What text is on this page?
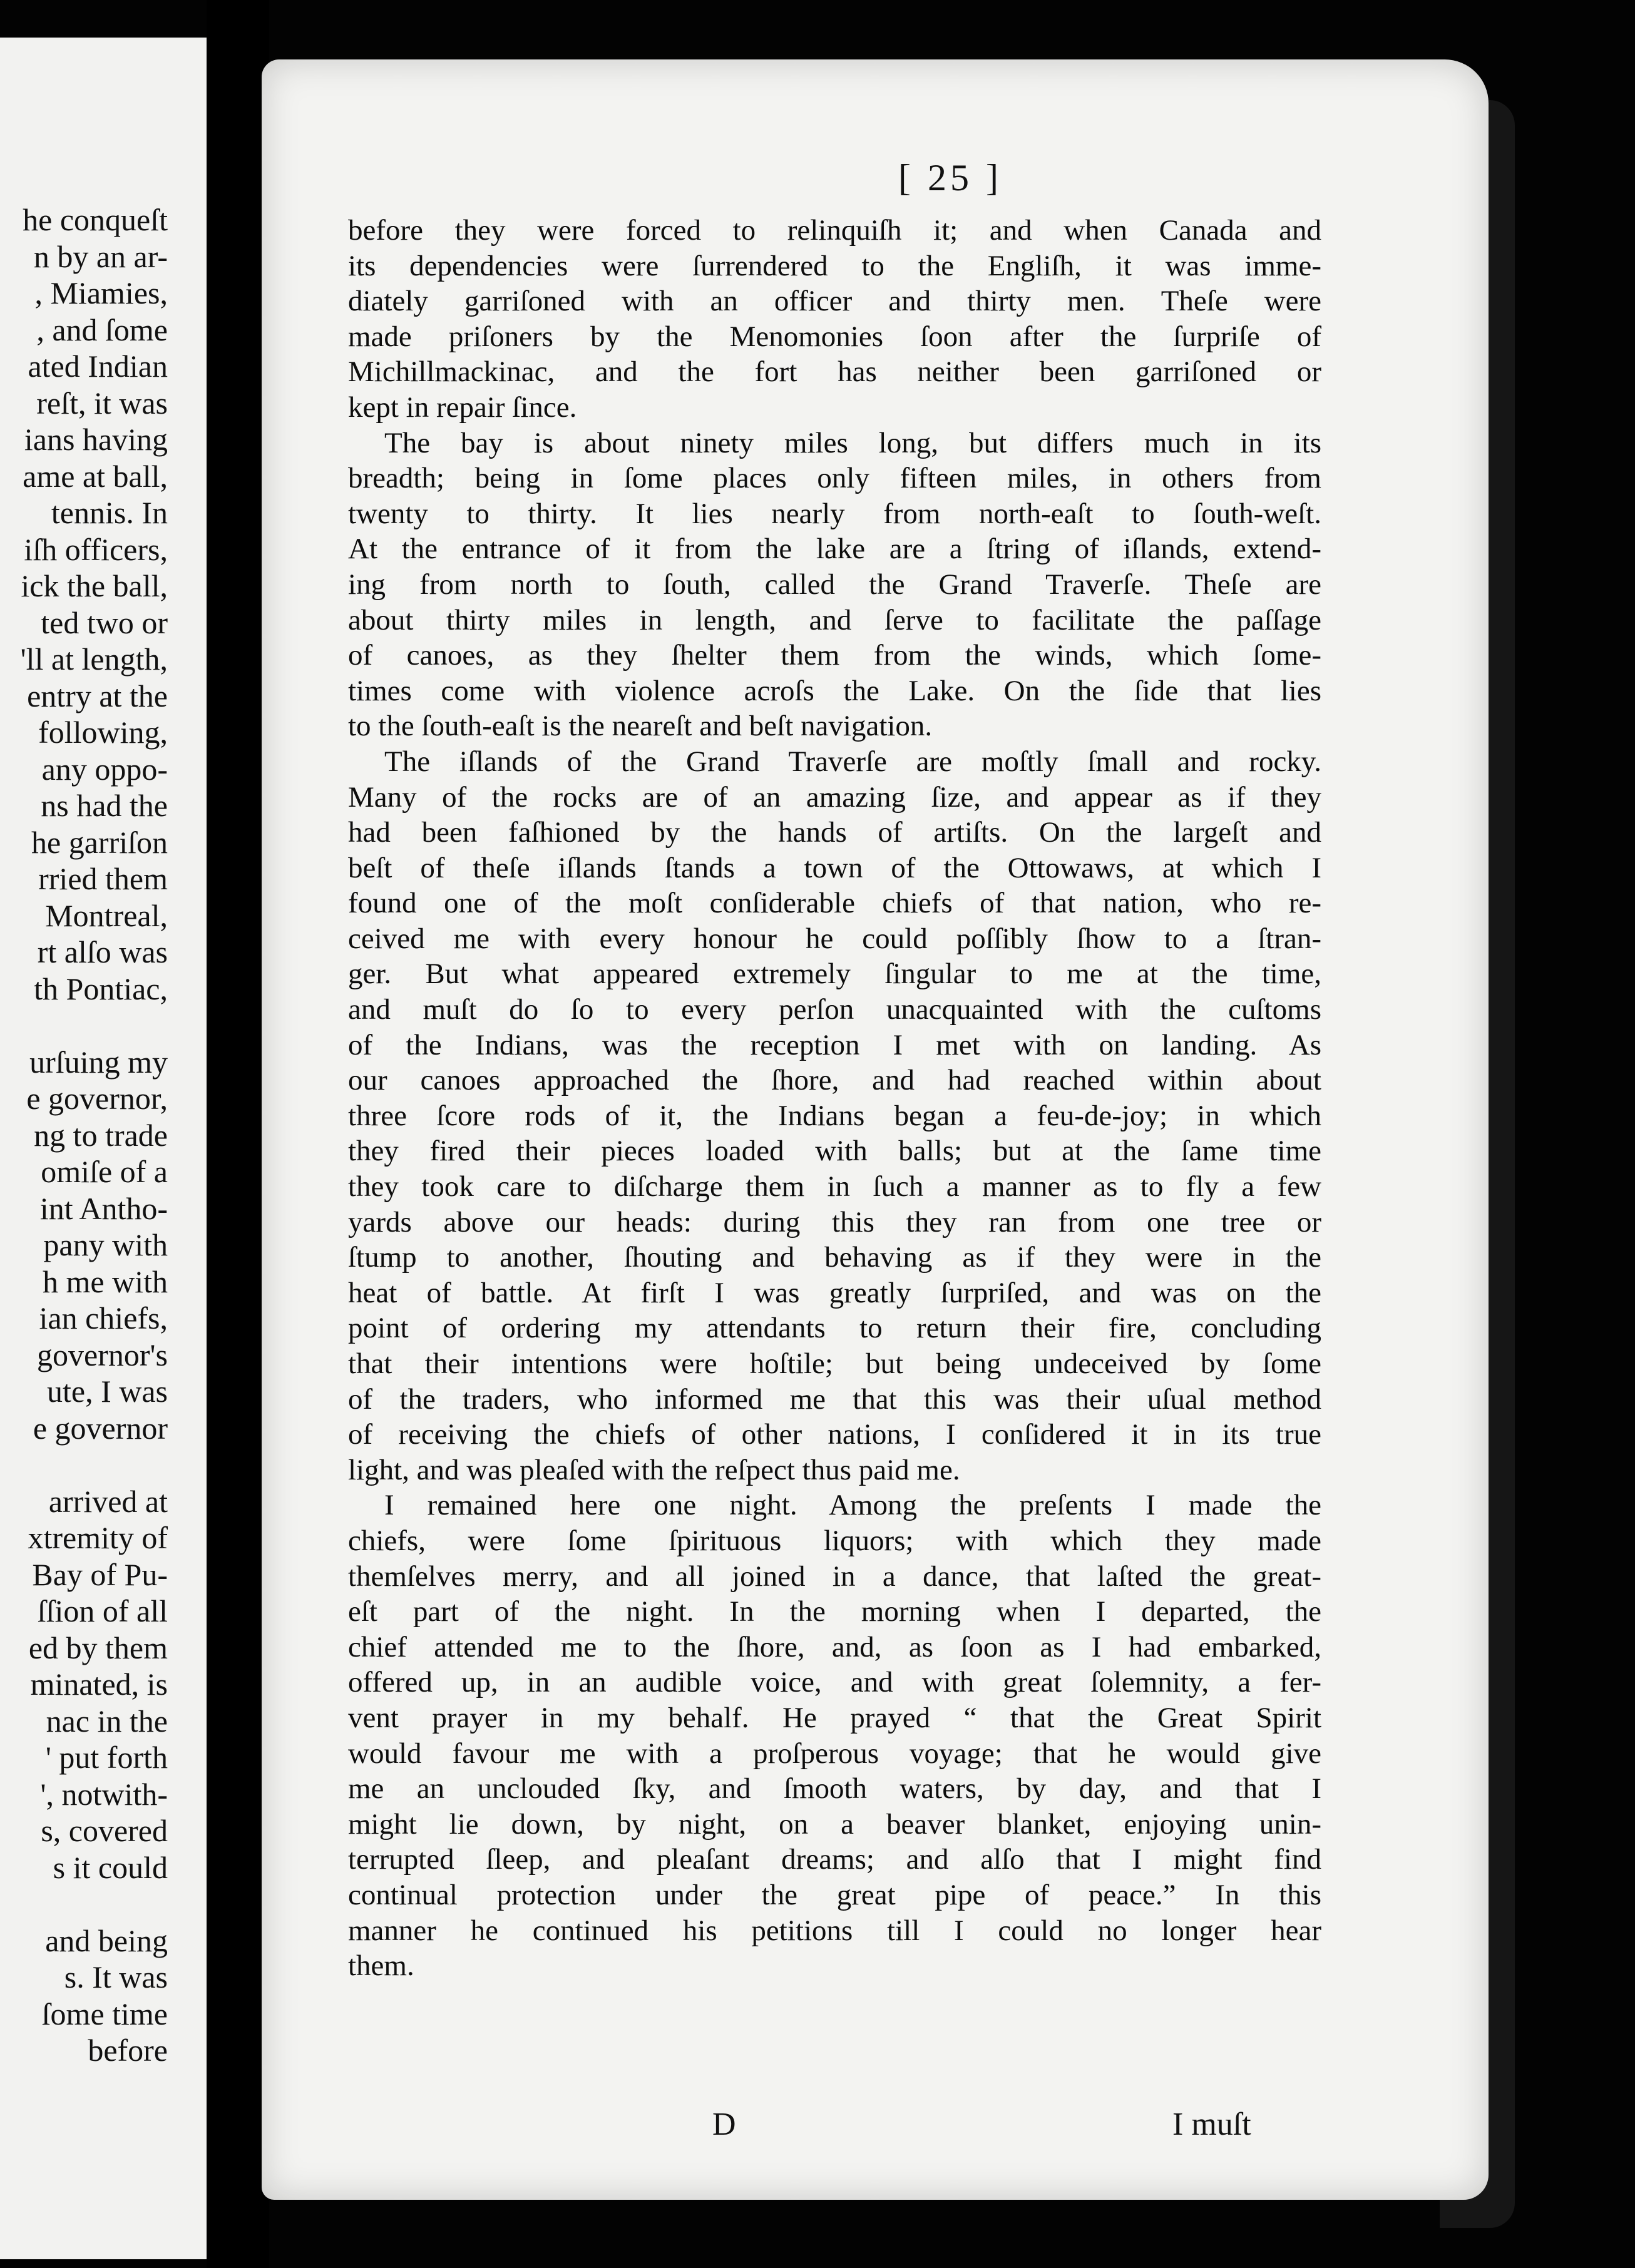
he conqueſt
n by an ar-
, Miamies,
, and ſome
ated Indian
reſt, it was
ians having
ame at ball,
tennis. In
iſh officers,
ick the ball,
ted two or
'll at length,
entry at the
following,
any oppo-
ns had the
he garriſon
rried them
Montreal,
rt alſo was
th Pontiac,
urſuing my
e governor,
ng to trade
omiſe of a
int Antho-
pany with
h me with
ian chiefs,
governor's
ute, I was
e governor
arrived at
xtremity of
Bay of Pu-
ſſion of all
ed by them
minated, is
nac in the
' put forth
', notwith-
s, covered
s it could
and being
s. It was
ſome time
before
[ 25 ]
before they were forced to relinquiſh it; and when Canada and
its dependencies were ſurrendered to the Engliſh, it was imme-
diately garriſoned with an officer and thirty men. Theſe were
made priſoners by the Menomonies ſoon after the ſurpriſe of
Michillmackinac, and the fort has neither been garriſoned or
kept in repair ſince.
The bay is about ninety miles long, but differs much in its
breadth; being in ſome places only fifteen miles, in others from
twenty to thirty. It lies nearly from north-eaſt to ſouth-weſt.
At the entrance of it from the lake are a ſtring of iſlands, extend-
ing from north to ſouth, called the Grand Traverſe. Theſe are
about thirty miles in length, and ſerve to facilitate the paſſage
of canoes, as they ſhelter them from the winds, which ſome-
times come with violence acroſs the Lake. On the ſide that lies
to the ſouth-eaſt is the neareſt and beſt navigation.
The iſlands of the Grand Traverſe are moſtly ſmall and rocky.
Many of the rocks are of an amazing ſize, and appear as if they
had been faſhioned by the hands of artiſts. On the largeſt and
beſt of theſe iſlands ſtands a town of the Ottowaws, at which I
found one of the moſt conſiderable chiefs of that nation, who re-
ceived me with every honour he could poſſibly ſhow to a ſtran-
ger. But what appeared extremely ſingular to me at the time,
and muſt do ſo to every perſon unacquainted with the cuſtoms
of the Indians, was the reception I met with on landing. As
our canoes approached the ſhore, and had reached within about
three ſcore rods of it, the Indians began a feu-de-joy; in which
they fired their pieces loaded with balls; but at the ſame time
they took care to diſcharge them in ſuch a manner as to fly a few
yards above our heads: during this they ran from one tree or
ſtump to another, ſhouting and behaving as if they were in the
heat of battle. At firſt I was greatly ſurpriſed, and was on the
point of ordering my attendants to return their fire, concluding
that their intentions were hoſtile; but being undeceived by ſome
of the traders, who informed me that this was their uſual method
of receiving the chiefs of other nations, I conſidered it in its true
light, and was pleaſed with the reſpect thus paid me.
I remained here one night. Among the preſents I made the
chiefs, were ſome ſpirituous liquors; with which they made
themſelves merry, and all joined in a dance, that laſted the great-
eſt part of the night. In the morning when I departed, the
chief attended me to the ſhore, and, as ſoon as I had embarked,
offered up, in an audible voice, and with great ſolemnity, a fer-
vent prayer in my behalf. He prayed “ that the Great Spirit
would favour me with a proſperous voyage; that he would give
me an unclouded ſky, and ſmooth waters, by day, and that I
might lie down, by night, on a beaver blanket, enjoying unin-
terrupted ſleep, and pleaſant dreams; and alſo that I might find
continual protection under the great pipe of peace.” In this
manner he continued his petitions till I could no longer hear
them.
D	I muſt
